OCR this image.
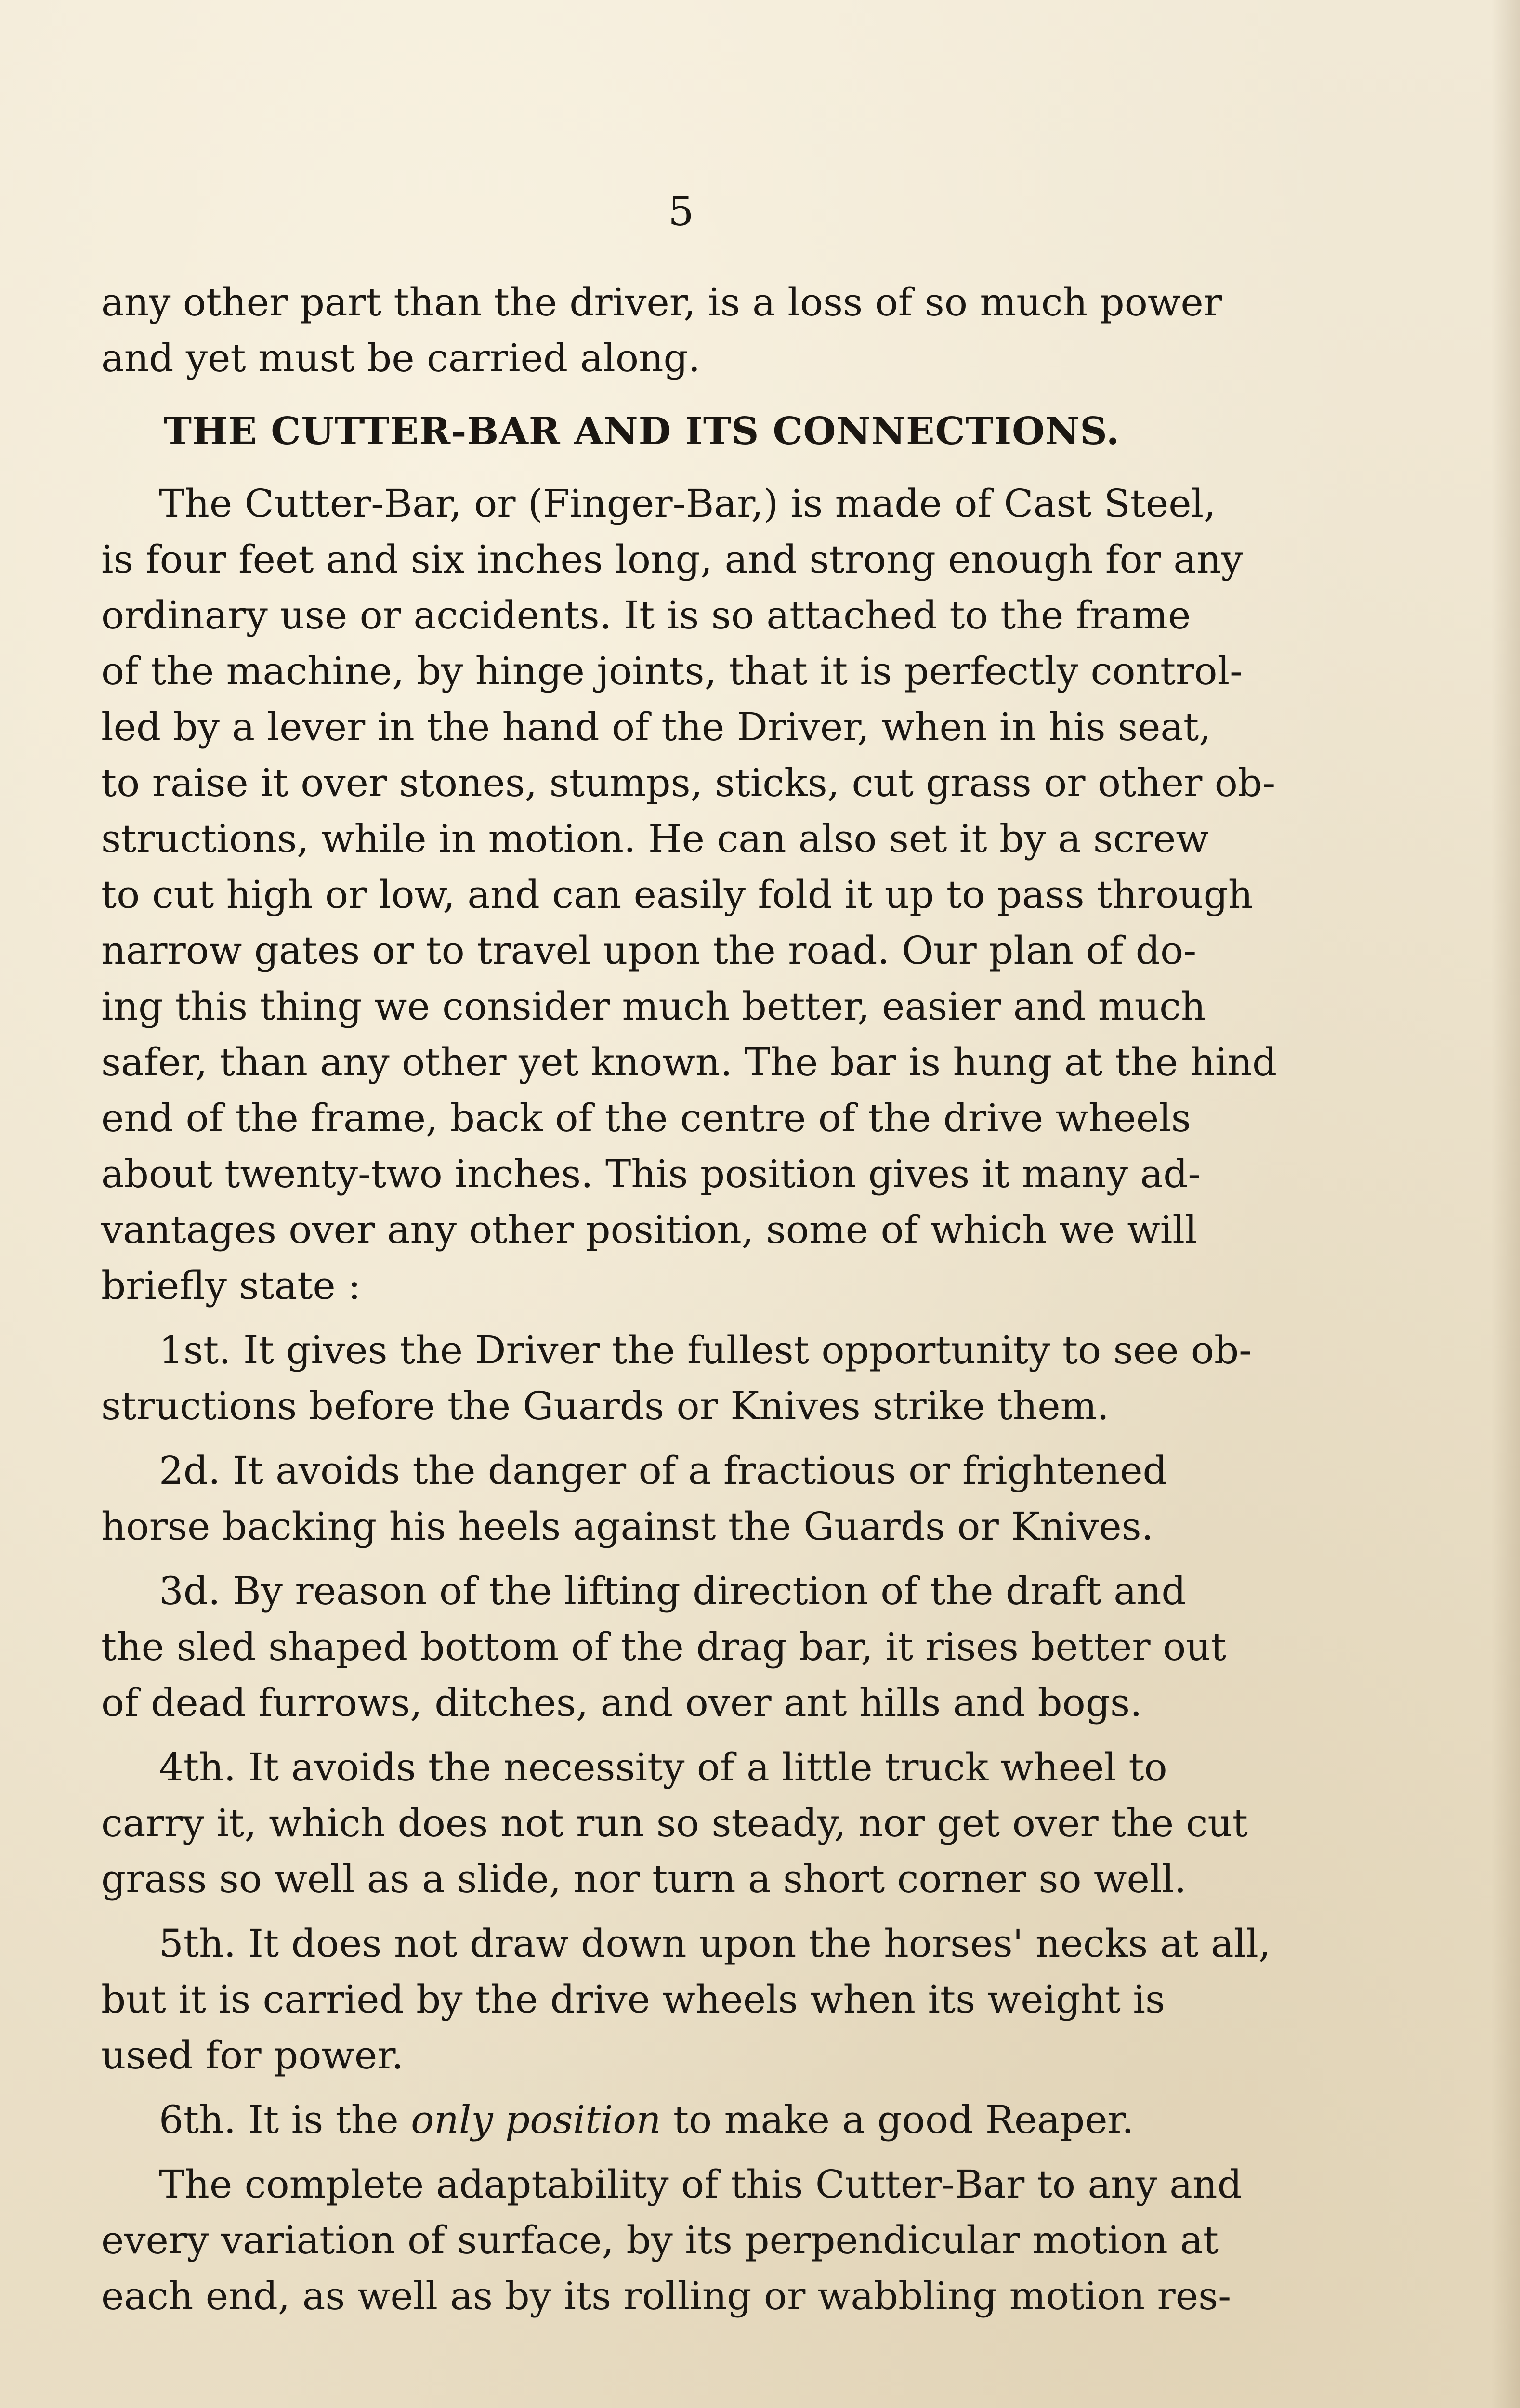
5
any other part than the driver, is a loss of so much power
and yet must be carried along.
THE CUTTER-BAR AND ITS CONNECTIONS.
The Cutter-Bar, or (Finger-Bar,) is made of Cast Steel,
is four feet and six inches long, and strong enough for any
ordinary use or accidents. It is so attached to the frame
of the machine, by hinge joints, that it is perfectly control-
led by a lever in the hand of the Driver, when in his seat,
to raise it over stones, stumps, sticks, cut grass or other ob-
structions, while in motion. He can also set it by a screw
to cut high or low, and can easily fold it up to pass through
narrow gates or to travel upon the road. Our plan of do-
ing this thing we consider much better, easier and much
safer, than any other yet known. The bar is hung at the hind
end of the frame, back of the centre of the drive wheels
about twenty-two inches. This position gives it many ad-
vantages over any other position, some of which we will
briefly state :
1st. It gives the Driver the fullest opportunity to see ob-
structions before the Guards or Knives strike them.
2d. It avoids the danger of a fractious or frightened
horse backing his heels against the Guards or Knives.
3d. By reason of the lifting direction of the draft and
the sled shaped bottom of the drag bar, it rises better out
of dead furrows, ditches, and over ant hills and bogs.
4th. It avoids the necessity of a little truck wheel to
carry it, which does not run so steady, nor get over the cut
grass so well as a slide, nor turn a short corner so well.
5th. It does not draw down upon the horses' necks at all,
but it is carried by the drive wheels when its weight is
used for power.
6th. It is the only position to make a good Reaper.
The complete adaptability of this Cutter-Bar to any and
every variation of surface, by its perpendicular motion at
each end, as well as by its rolling or wabbling motion res-
